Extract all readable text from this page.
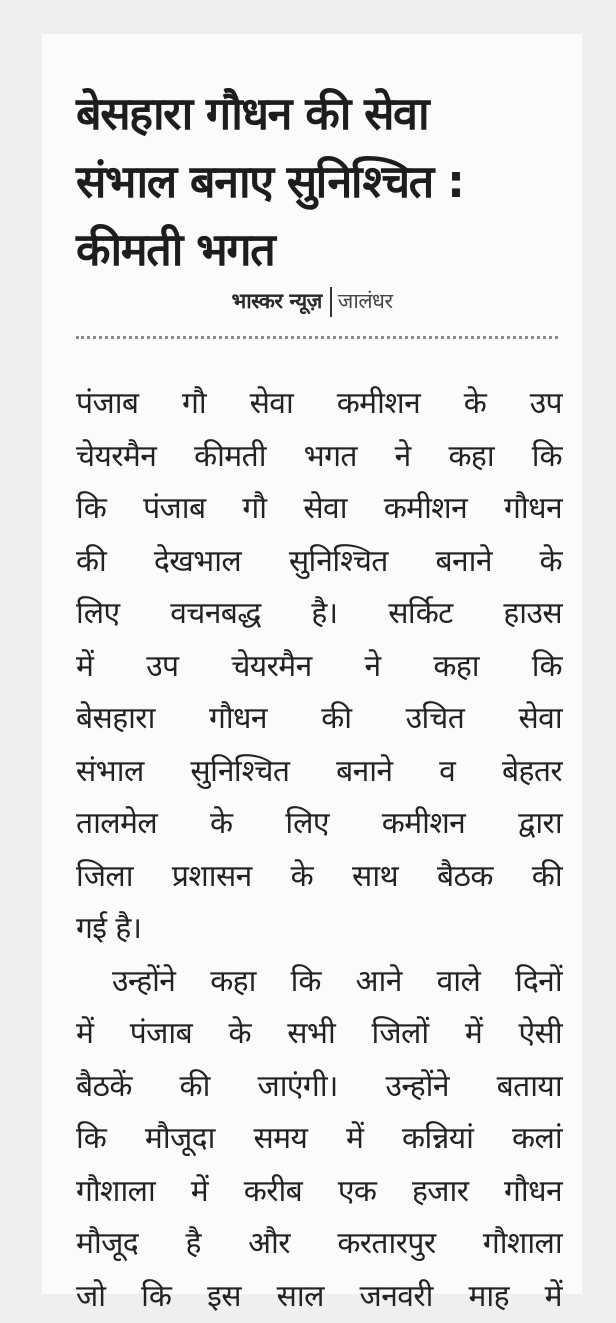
बेसहारा गौधन की सेवा
संभाल बनाए सुनिश्चित :
कीमती भगत
भास्कर न्यूज़ जालंधर
पंजाब गौ सेवा कमीशन के उप
चेयरमैन कीमती भगत ने कहा कि
कि पंजाब गौ सेवा कमीशन गौधन
की देखभाल सुनिश्चित बनाने के
लिए वचनबद्ध है। सर्किट हाउस
में उप चेयरमैन ने कहा कि
बेसहारा गौधन की उचित सेवा
संभाल सुनिश्चित बनाने व बेहतर
तालमेल के लिए कमीशन द्वारा
जिला प्रशासन के साथ बैठक की
गई है।
उन्होंने कहा कि आने वाले दिनों
में पंजाब के सभी जिलों में ऐसी
बैठकें की जाएंगी। उन्होंने बताया
कि मौजूदा समय में कन्नियां कलां
गौशाला में करीब एक हजार गौधन
मौजूद है और करतारपुर गौशाला
जो कि इस साल जनवरी माह में
